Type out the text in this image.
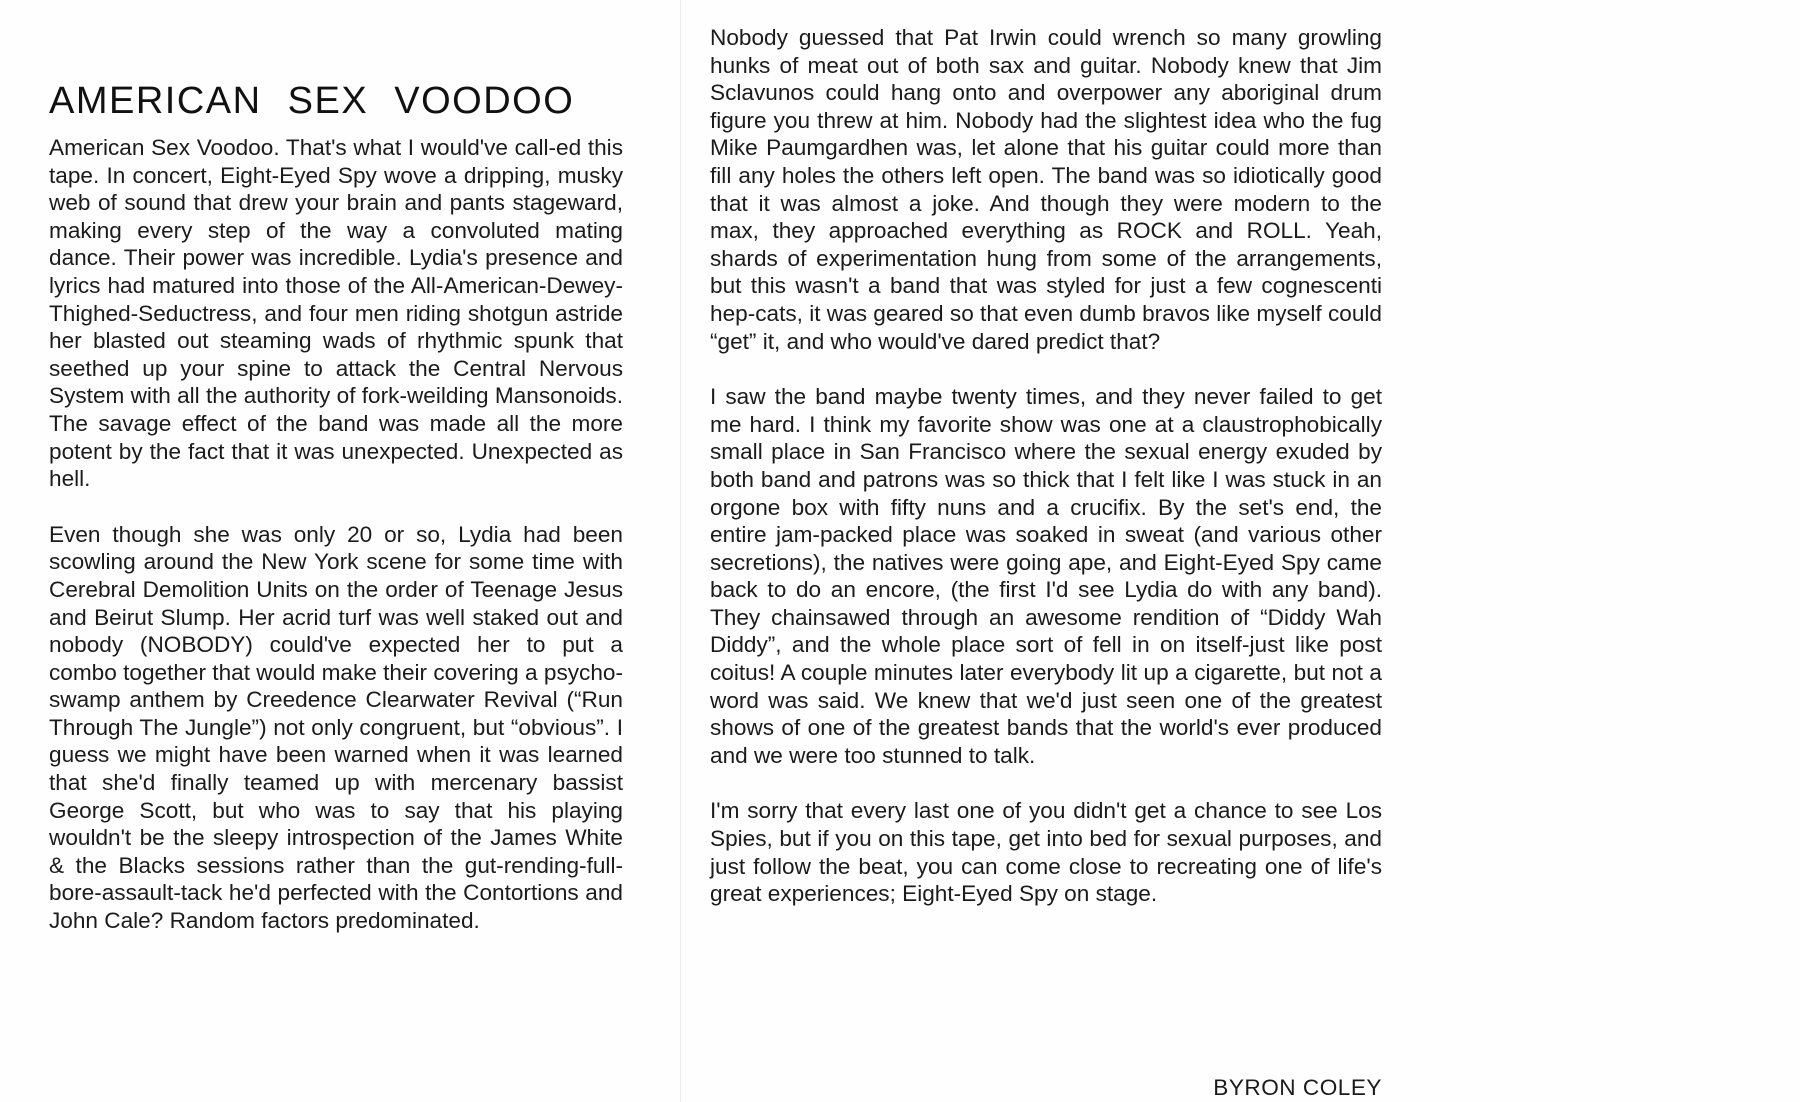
AMERICAN SEX VOODOO

American Sex Voodoo. That's what I would've call-ed this tape. In concert, Eight-Eyed Spy wove a dripping, musky web of sound that drew your brain and pants stageward, making every step of the way a convoluted mating dance. Their power was incredible. Lydia's presence and lyrics had matured into those of the All-American-Dewey-Thighed-Seductress, and four men riding shotgun astride her blasted out steaming wads of rhythmic spunk that seethed up your spine to attack the Central Nervous System with all the authority of fork-weilding Mansonoids. The savage effect of the band was made all the more potent by the fact that it was unexpected. Unexpected as hell.

Even though she was only 20 or so, Lydia had been scowling around the New York scene for some time with Cerebral Demolition Units on the order of Teenage Jesus and Beirut Slump. Her acrid turf was well staked out and nobody (NOBODY) could've expected her to put a combo together that would make their covering a psycho-swamp anthem by Creedence Clearwater Revival (“Run Through The Jungle”) not only congruent, but “obvious”. I guess we might have been warned when it was learned that she'd finally teamed up with mercenary bassist George Scott, but who was to say that his playing wouldn't be the sleepy introspection of the James White & the Blacks sessions rather than the gut-rending-full-bore-assault-tack he'd perfected with the Contortions and John Cale? Random factors predominated.

Nobody guessed that Pat Irwin could wrench so many growling hunks of meat out of both sax and guitar. Nobody knew that Jim Sclavunos could hang onto and overpower any aboriginal drum figure you threw at him. Nobody had the slightest idea who the fug Mike Paumgardhen was, let alone that his guitar could more than fill any holes the others left open. The band was so idiotically good that it was almost a joke. And though they were modern to the max, they approached everything as ROCK and ROLL. Yeah, shards of experimentation hung from some of the arrangements, but this wasn't a band that was styled for just a few cognescenti hep-cats, it was geared so that even dumb bravos like myself could “get” it, and who would've dared predict that?

I saw the band maybe twenty times, and they never failed to get me hard. I think my favorite show was one at a claustrophobically small place in San Francisco where the sexual energy exuded by both band and patrons was so thick that I felt like I was stuck in an orgone box with fifty nuns and a crucifix. By the set's end, the entire jam-packed place was soaked in sweat (and various other secretions), the natives were going ape, and Eight-Eyed Spy came back to do an encore, (the first I'd see Lydia do with any band). They chainsawed through an awesome rendition of “Diddy Wah Diddy”, and the whole place sort of fell in on itself-just like post coitus! A couple minutes later everybody lit up a cigarette, but not a word was said. We knew that we'd just seen one of the greatest shows of one of the greatest bands that the world's ever produced and we were too stunned to talk.

I'm sorry that every last one of you didn't get a chance to see Los Spies, but if you on this tape, get into bed for sexual purposes, and just follow the beat, you can come close to recreating one of life's great experiences; Eight-Eyed Spy on stage.

BYRON COLEY
